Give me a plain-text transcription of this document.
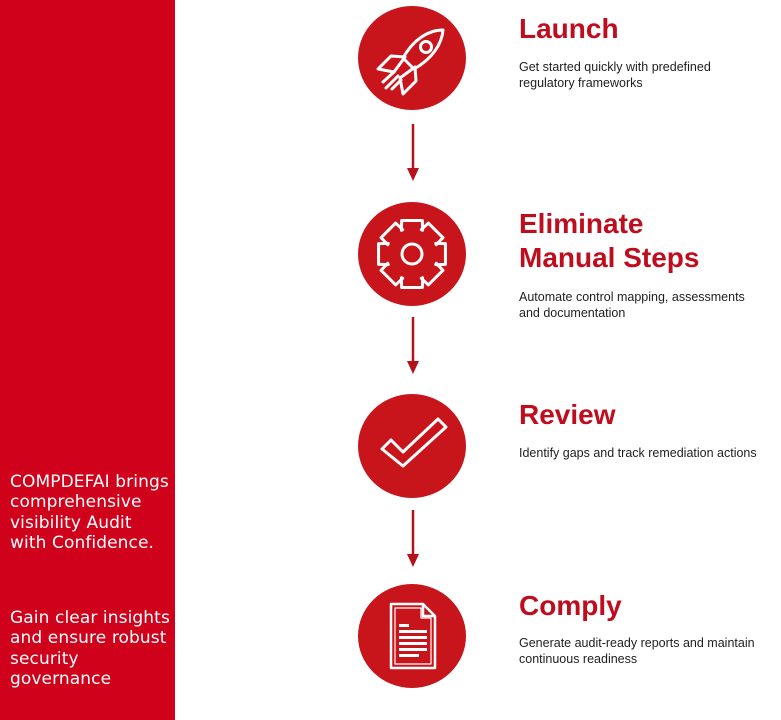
COMPDEFAI brings comprehensive visibility Audit with Confidence.

Gain clear insights and ensure robust security governance

Launch

Get started quickly with predefined regulatory frameworks

Eliminate
Manual Steps

Automate control mapping, assessments and documentation

Review

Identify gaps and track remediation actions

Comply

Generate audit-ready reports and maintain continuous readiness
